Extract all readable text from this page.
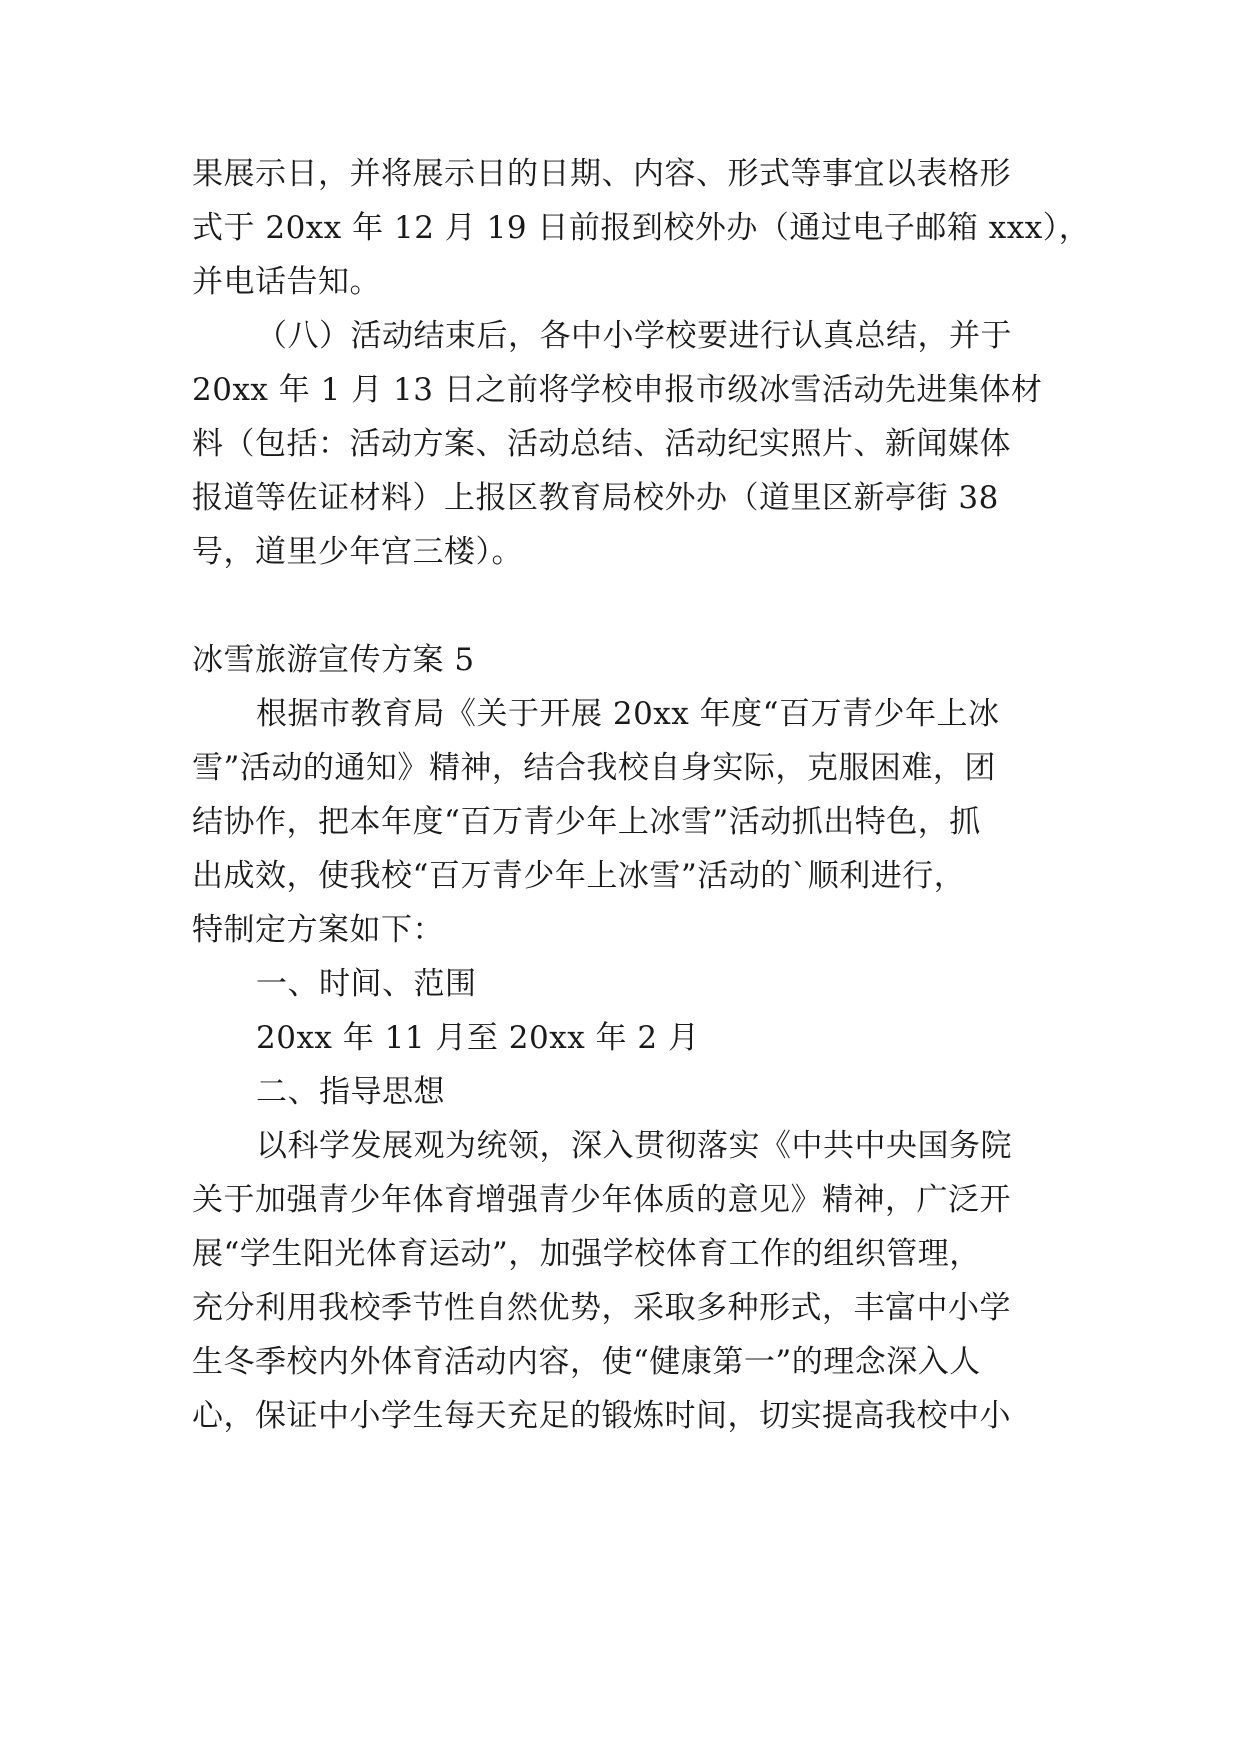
果展示日，并将展示日的日期、内容、形式等事宜以表格形
式于 20xx 年 12 月 19 日前报到校外办（通过电子邮箱 xxx），
并电话告知。
（八）活动结束后，各中小学校要进行认真总结，并于
20xx 年 1 月 13 日之前将学校申报市级冰雪活动先进集体材
料（包括：活动方案、活动总结、活动纪实照片、新闻媒体
报道等佐证材料）上报区教育局校外办（道里区新亭街 38
号，道里少年宫三楼）。
冰雪旅游宣传方案 5
根据市教育局《关于开展 20xx 年度“百万青少年上冰
雪”活动的通知》精神，结合我校自身实际，克服困难，团
结协作，把本年度“百万青少年上冰雪”活动抓出特色，抓
出成效，使我校“百万青少年上冰雪”活动的`顺利进行，
特制定方案如下：
一、时间、范围
20xx 年 11 月至 20xx 年 2 月
二、指导思想
以科学发展观为统领，深入贯彻落实《中共中央国务院
关于加强青少年体育增强青少年体质的意见》精神，广泛开
展“学生阳光体育运动”，加强学校体育工作的组织管理，
充分利用我校季节性自然优势，采取多种形式，丰富中小学
生冬季校内外体育活动内容，使“健康第一”的理念深入人
心，保证中小学生每天充足的锻炼时间，切实提高我校中小
